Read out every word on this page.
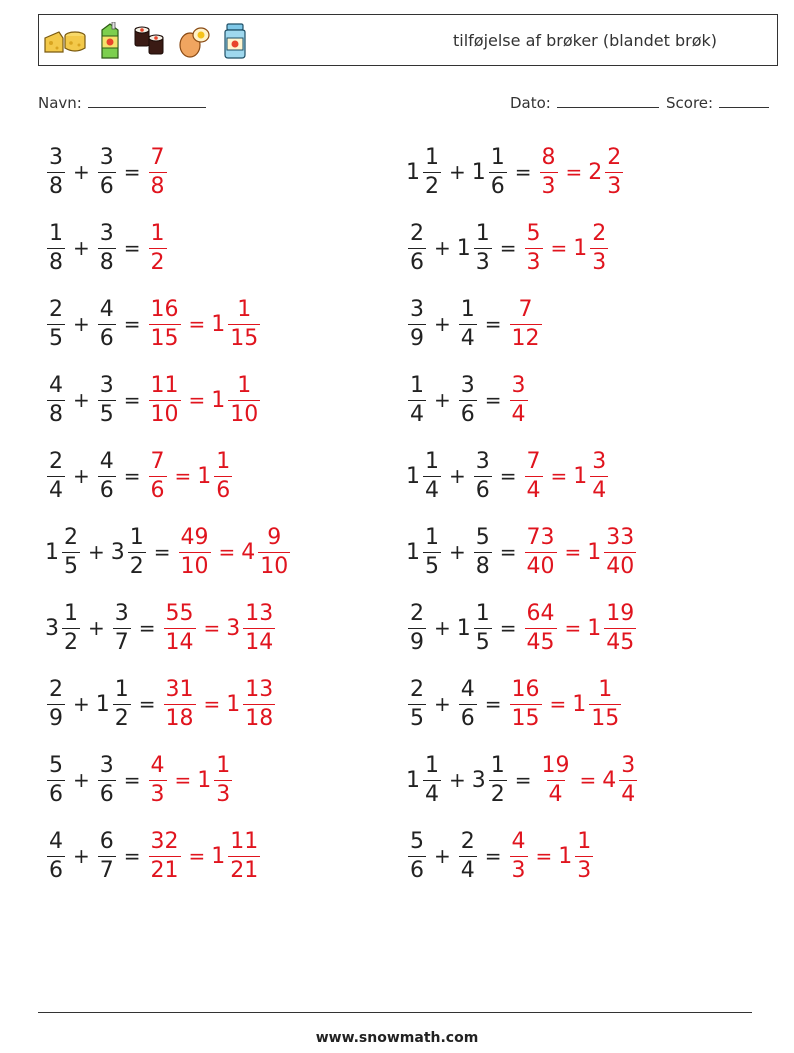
tilføjelse af brøker (blandet brøk)
Navn:	Dato:	Score:
$\frac{3}{8} + \frac{3}{6} = \frac{7}{8}$
$\frac{1}{8} + \frac{3}{8} = \frac{1}{2}$
$\frac{2}{5} + \frac{4}{6} = \frac{16}{15} = 1 \frac{1}{15}$
$\frac{4}{8} + \frac{3}{5} = \frac{11}{10} = 1 \frac{1}{10}$
$\frac{2}{4} + \frac{4}{6} = \frac{7}{6} = 1 \frac{1}{6}$
$1 \frac{2}{5} + 3 \frac{1}{2} = \frac{49}{10} = 4 \frac{9}{10}$
$3 \frac{1}{2} + \frac{3}{7} = \frac{55}{14} = 3 \frac{13}{14}$
$\frac{2}{9} + 1 \frac{1}{2} = \frac{31}{18} = 1 \frac{13}{18}$
$\frac{5}{6} + \frac{3}{6} = \frac{4}{3} = 1 \frac{1}{3}$
$\frac{4}{6} + \frac{6}{7} = \frac{32}{21} = 1 \frac{11}{21}$
$1 \frac{1}{2} + 1 \frac{1}{6} = \frac{8}{3} = 2 \frac{2}{3}$
$\frac{2}{6} + 1 \frac{1}{3} = \frac{5}{3} = 1 \frac{2}{3}$
$\frac{3}{9} + \frac{1}{4} = \frac{7}{12}$
$\frac{1}{4} + \frac{3}{6} = \frac{3}{4}$
$1 \frac{1}{4} + \frac{3}{6} = \frac{7}{4} = 1 \frac{3}{4}$
$1 \frac{1}{5} + \frac{5}{8} = \frac{73}{40} = 1 \frac{33}{40}$
$\frac{2}{9} + 1 \frac{1}{5} = \frac{64}{45} = 1 \frac{19}{45}$
$\frac{2}{5} + \frac{4}{6} = \frac{16}{15} = 1 \frac{1}{15}$
$1 \frac{1}{4} + 3 \frac{1}{2} = \frac{19}{4} = 4 \frac{3}{4}$
$\frac{5}{6} + \frac{2}{4} = \frac{4}{3} = 1 \frac{1}{3}$
www.snowmath.com
